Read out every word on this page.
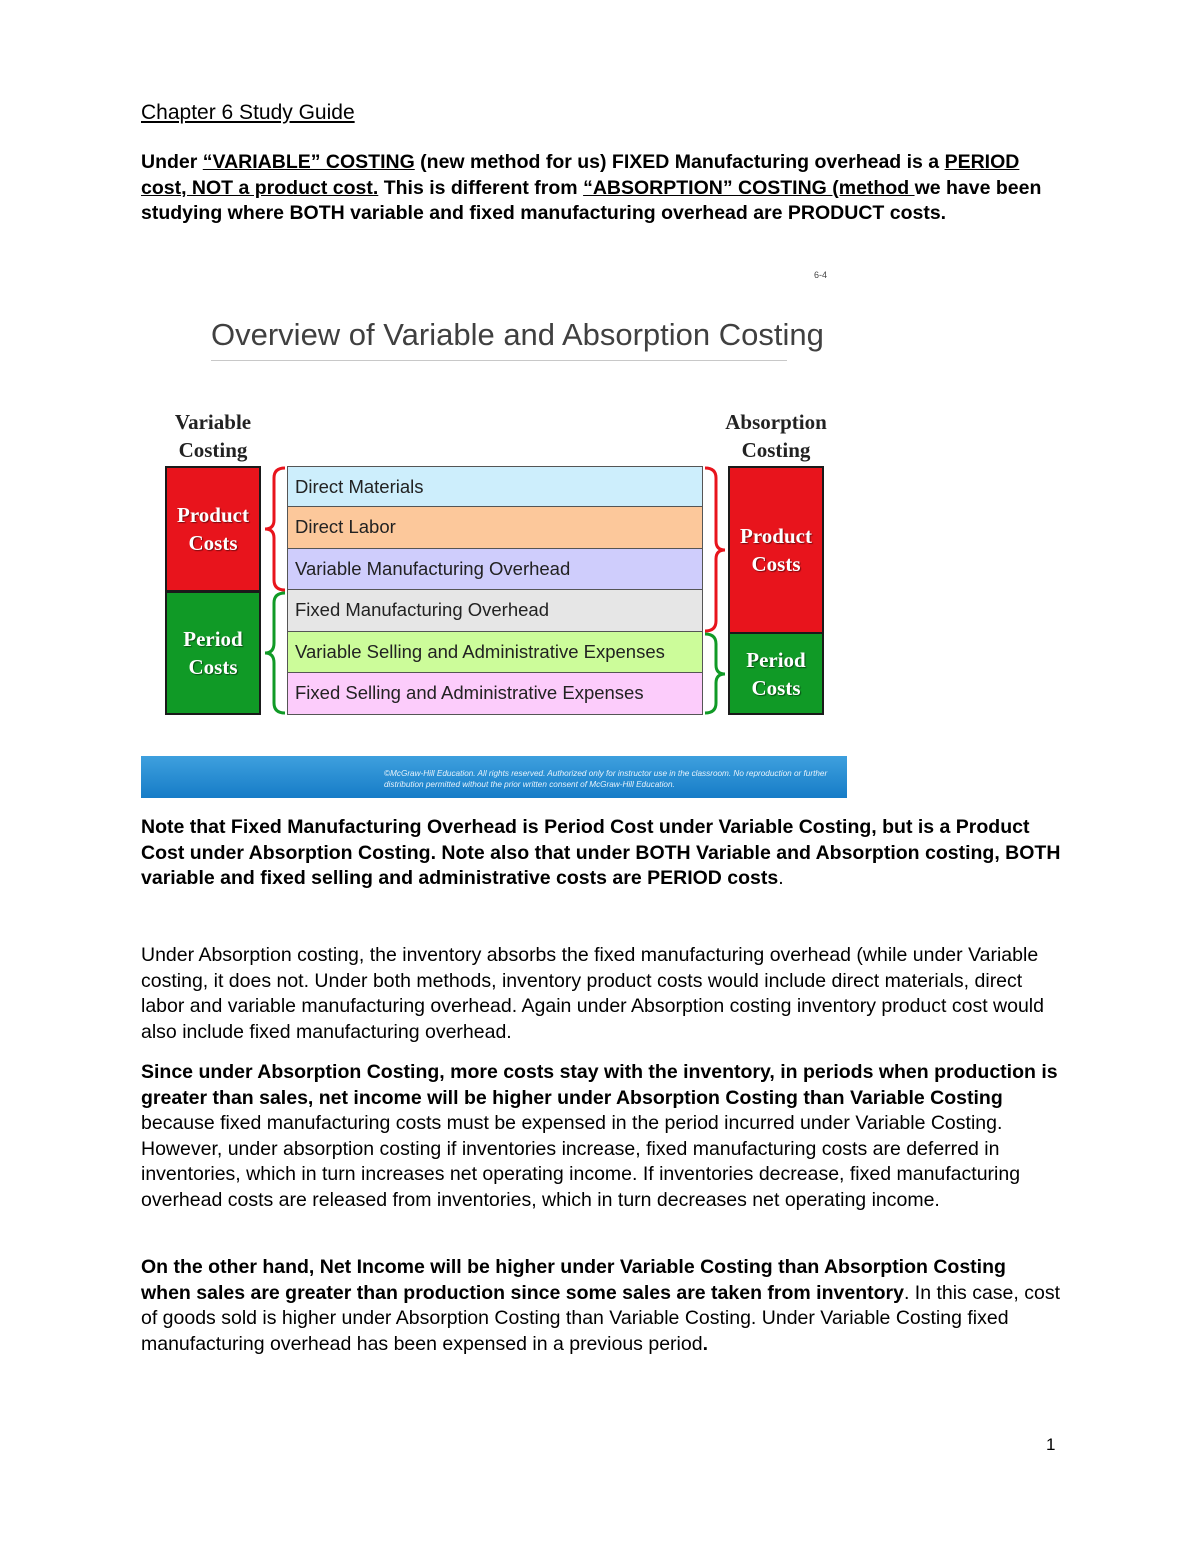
Chapter 6 Study Guide
Under “VARIABLE” COSTING (new method for us) FIXED Manufacturing overhead is a PERIOD cost, NOT a product cost. This is different from “ABSORPTION” COSTING (method we have been studying where BOTH variable and fixed manufacturing overhead are PRODUCT costs.
6-4
Overview of Variable and Absorption Costing
Variable Costing
Absorption Costing
Product Costs
Period Costs
Product Costs
Period Costs
Direct Materials
Direct Labor
Variable Manufacturing Overhead
Fixed Manufacturing Overhead
Variable Selling and Administrative Expenses
Fixed Selling and Administrative Expenses
©McGraw-Hill Education. All rights reserved. Authorized only for instructor use in the classroom. No reproduction or further distribution permitted without the prior written consent of McGraw-Hill Education.
Note that Fixed Manufacturing Overhead is Period Cost under Variable Costing, but is a Product Cost under Absorption Costing. Note also that under BOTH Variable and Absorption costing, BOTH variable and fixed selling and administrative costs are PERIOD costs.
Under Absorption costing, the inventory absorbs the fixed manufacturing overhead (while under Variable costing, it does not. Under both methods, inventory product costs would include direct materials, direct labor and variable manufacturing overhead. Again under Absorption costing inventory product cost would also include fixed manufacturing overhead.
Since under Absorption Costing, more costs stay with the inventory, in periods when production is greater than sales, net income will be higher under Absorption Costing than Variable Costing because fixed manufacturing costs must be expensed in the period incurred under Variable Costing. However, under absorption costing if inventories increase, fixed manufacturing costs are deferred in inventories, which in turn increases net operating income. If inventories decrease, fixed manufacturing overhead costs are released from inventories, which in turn decreases net operating income.
On the other hand, Net Income will be higher under Variable Costing than Absorption Costing when sales are greater than production since some sales are taken from inventory. In this case, cost of goods sold is higher under Absorption Costing than Variable Costing. Under Variable Costing fixed manufacturing overhead has been expensed in a previous period.
1
